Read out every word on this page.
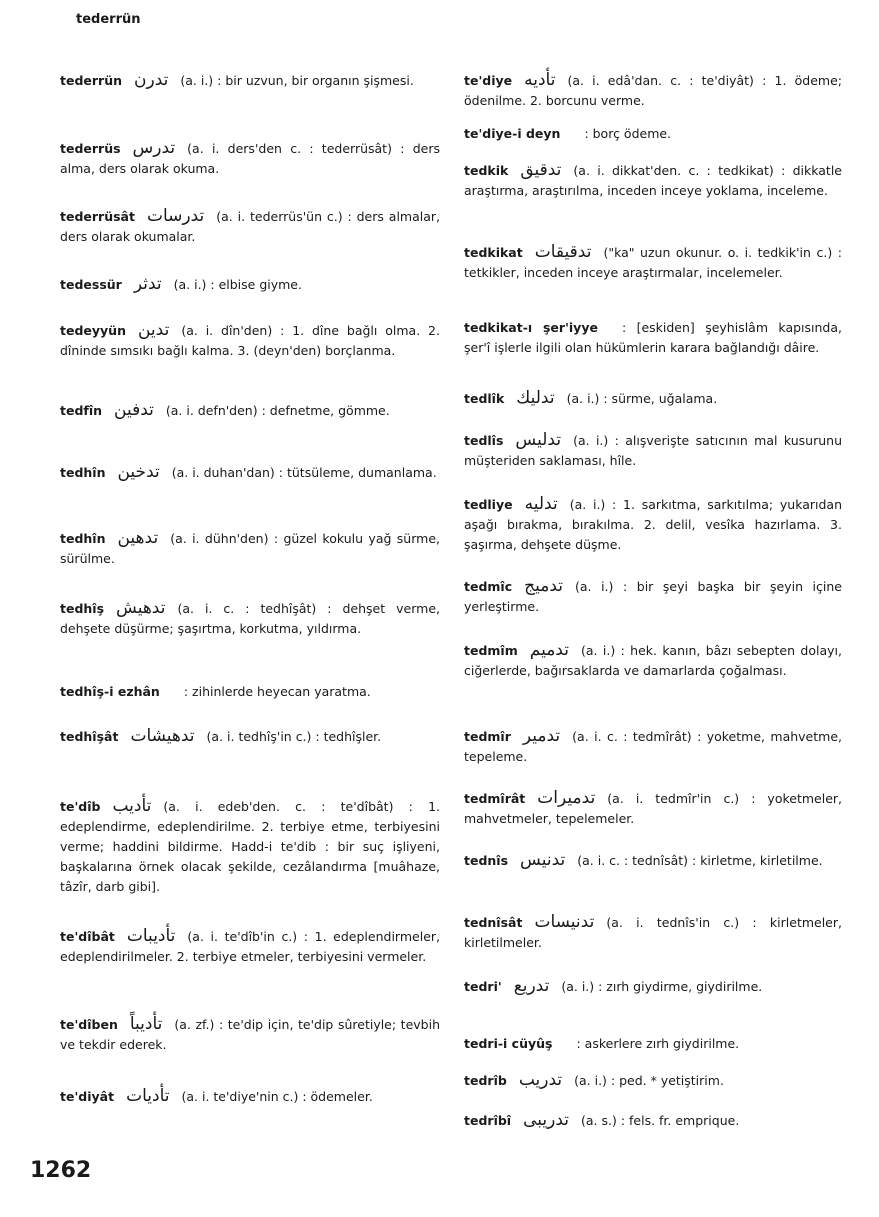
tederrün
tederrün تدرن (a. i.) : bir uzvun, bir organın şişmesi.
tederrüs تدرس (a. i. ders'den c. : tederrüsât) : ders alma, ders olarak okuma.
tederrüsât تدرسات (a. i. tederrüs'ün c.) : ders almalar, ders olarak okumalar.
tedessür تدثر (a. i.) : elbise giyme.
tedeyyün تدين (a. i. dîn'den) : 1. dîne bağlı olma. 2. dîninde sımsıkı bağlı kalma. 3. (deyn'den) borçlanma.
tedfîn تدفين (a. i. defn'den) : defnetme, gömme.
tedhîn تدخين (a. i. duhan'dan) : tütsüleme, dumanlama.
tedhîn تدهين (a. i. dühn'den) : güzel kokulu yağ sürme, sürülme.
tedhîş تدهيش (a. i. c. : tedhîşât) : dehşet verme, dehşete düşürme; şaşırtma, korkutma, yıldırma.
tedhîş-i ezhân : zihinlerde heyecan yaratma.
tedhîşât تدهيشات (a. i. tedhîş'in c.) : tedhîşler.
te'dîb تأديب (a. i. edeb'den. c. : te'dîbât) : 1. edeplendirme, edeplendirilme. 2. terbiye etme, terbiyesini verme; haddini bildirme. Hadd-i te'dib : bir suç işliyeni, başkalarına örnek olacak şekilde, cezâlandırma [muâhaze, tâzîr, darb gibi].
te'dîbât تأديبات (a. i. te'dîb'in c.) : 1. edeplendirmeler, edeplendirilmeler. 2. terbiye etmeler, terbiyesini vermeler.
te'dîben تأديباً (a. zf.) : te'dip için, te'dip sûretiyle; tevbih ve tekdir ederek.
te'diyât تأديات (a. i. te'diye'nin c.) : ödemeler.
te'diye تأديه (a. i. edâ'dan. c. : te'diyât) : 1. ödeme; ödenilme. 2. borcunu verme.
te'diye-i deyn : borç ödeme.
tedkik تدقيق (a. i. dikkat'den. c. : tedkikat) : dikkatle araştırma, araştırılma, inceden inceye yoklama, inceleme.
tedkikat تدقيقات ("ka" uzun okunur. o. i. tedkik'in c.) : tetkikler, inceden inceye araştırmalar, incelemeler.
tedkikat-ı şer'iyye : [eskiden] şeyhislâm kapısında, şer'î işlerle ilgili olan hükümlerin karara bağlandığı dâire.
tedlîk تدليك (a. i.) : sürme, uğalama.
tedlîs تدليس (a. i.) : alışverişte satıcının mal kusurunu müşteriden saklaması, hîle.
tedliye تدليه (a. i.) : 1. sarkıtma, sarkıtılma; yukarıdan aşağı bırakma, bırakılma. 2. delil, vesîka hazırlama. 3. şaşırma, dehşete düşme.
tedmîc تدميج (a. i.) : bir şeyi başka bir şeyin içine yerleştirme.
tedmîm تدميم (a. i.) : hek. kanın, bâzı sebepten dolayı, ciğerlerde, bağırsaklarda ve damarlarda çoğalması.
tedmîr تدمير (a. i. c. : tedmîrât) : yoketme, mahvetme, tepeleme.
tedmîrât تدميرات (a. i. tedmîr'in c.) : yoketmeler, mahvetmeler, tepelemeler.
tednîs تدنيس (a. i. c. : tednîsât) : kirletme, kirletilme.
tednîsât تدنيسات (a. i. tednîs'in c.) : kirletmeler, kirletilmeler.
tedri' تدريع (a. i.) : zırh giydirme, giydirilme.
tedri-i cüyûş : askerlere zırh giydirilme.
tedrîb تدريب (a. i.) : ped. * yetiştirim.
tedrîbî تدريبى (a. s.) : fels. fr. emprique.
1262
